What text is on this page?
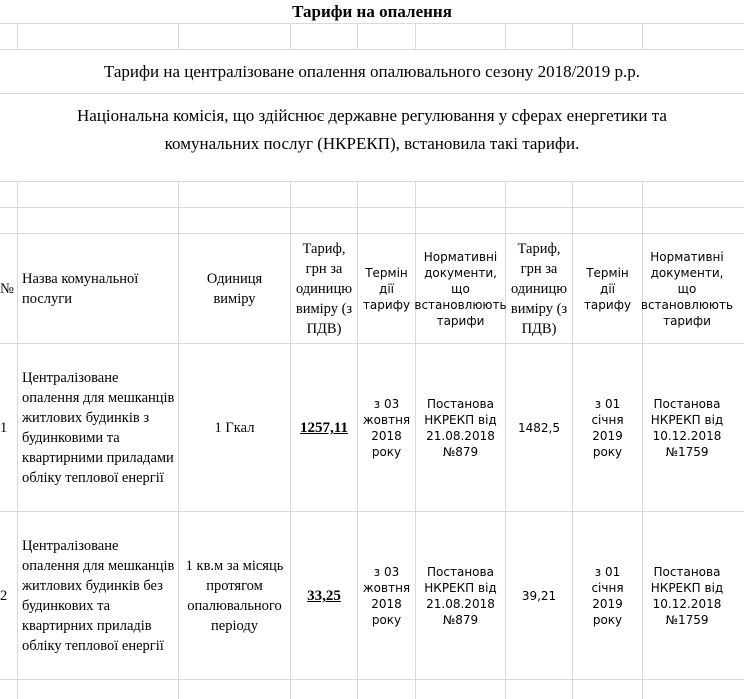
Тарифи на опалення
Тарифи на централізоване опалення опалювального сезону 2018/2019 р.р.
Національна комісія, що здійснює державне регулювання у сферах енергетики та
комунальних послуг (НКРЕКП), встановила такі тарифи.
№
Назва комунальної послуги
Одиниця виміру
Тариф, грн за одиницю виміру (з ПДВ)
Термін дії тарифу
Нормативні документи, що встановлюють тарифи
Тариф, грн за одиницю виміру (з ПДВ)
Термін дії тарифу
Нормативні документи, що встановлюють тарифи
1
Централізоване опалення для мешканців житлових будинків з будинковими та квартирними приладами обліку теплової енергії
1 Гкал	1257,11
з 03 жовтня 2018 року
Постанова НКРЕКП від 21.08.2018 №879
1482,5
з 01 січня 2019 року
Постанова НКРЕКП від 10.12.2018 №1759
2
Централізоване опалення для мешканців житлових будинків без будинкових та квартирних приладів обліку теплової енергії
1 кв.м за місяць протягом опалювального періоду
33,25
з 03 жовтня 2018 року
Постанова НКРЕКП від 21.08.2018 №879
39,21
з 01 січня 2019 року
Постанова НКРЕКП від 10.12.2018 №1759
